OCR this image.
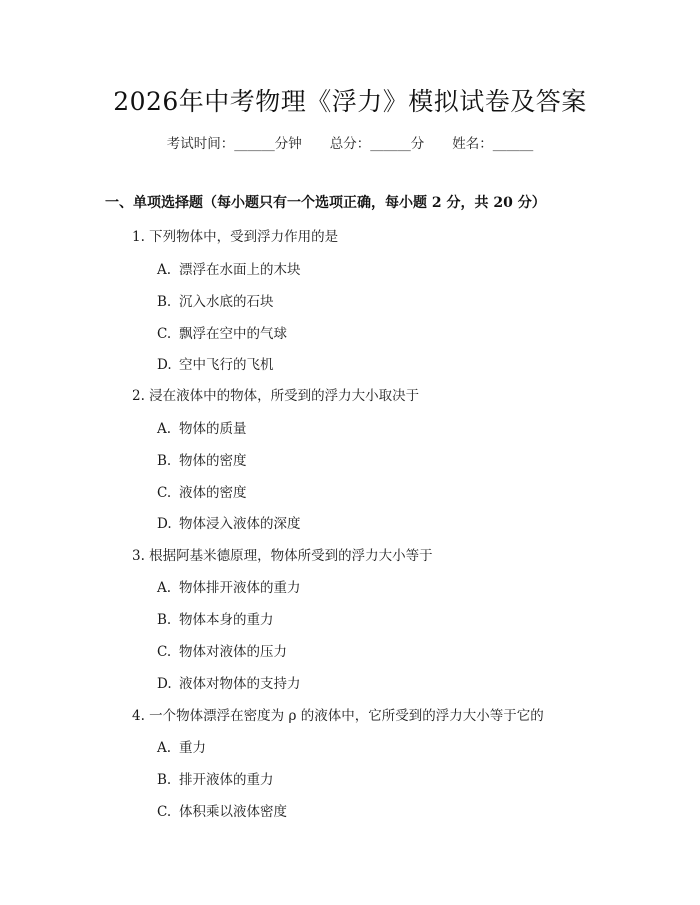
2026年中考物理《浮力》模拟试卷及答案
考试时间：______分钟 总分：______分 姓名：______
一、单项选择题（每小题只有一个选项正确，每小题 2 分，共 20 分）
1. 下列物体中，受到浮力作用的是
A. 漂浮在水面上的木块
B. 沉入水底的石块
C. 飘浮在空中的气球
D. 空中飞行的飞机
2. 浸在液体中的物体，所受到的浮力大小取决于
A. 物体的质量
B. 物体的密度
C. 液体的密度
D. 物体浸入液体的深度
3. 根据阿基米德原理，物体所受到的浮力大小等于
A. 物体排开液体的重力
B. 物体本身的重力
C. 物体对液体的压力
D. 液体对物体的支持力
4. 一个物体漂浮在密度为 ρ 的液体中，它所受到的浮力大小等于它的
A. 重力
B. 排开液体的重力
C. 体积乘以液体密度
